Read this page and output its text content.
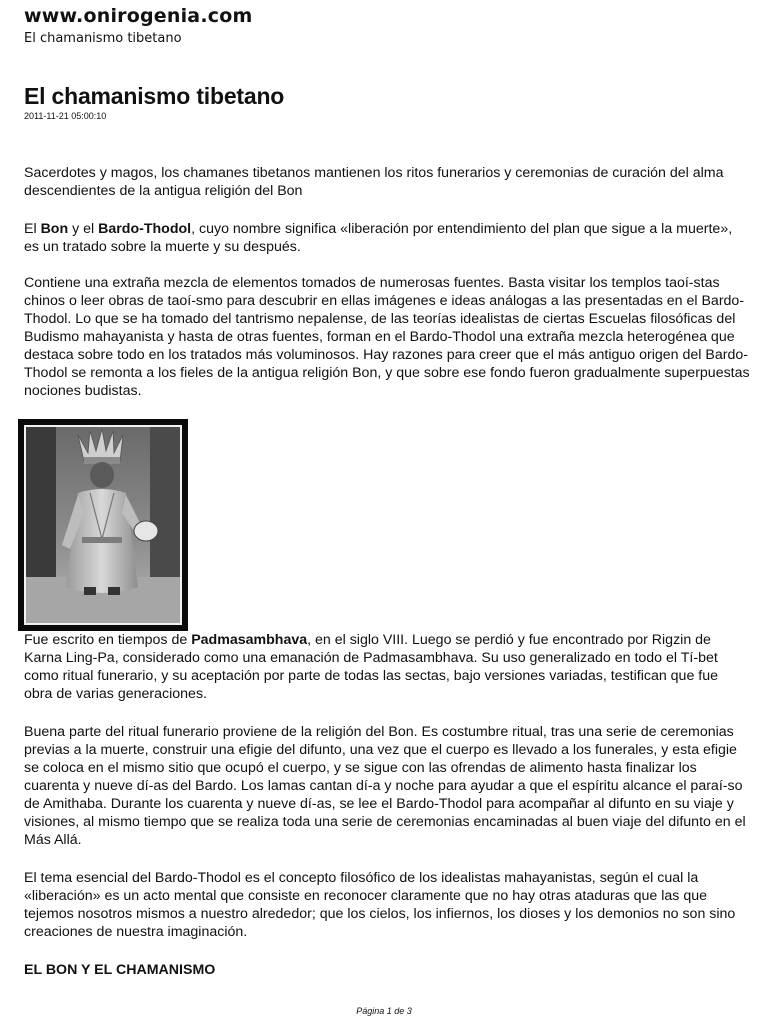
www.onirogenia.com
El chamanismo tibetano
El chamanismo tibetano
2011-11-21 05:00:10

Sacerdotes y magos, los chamanes tibetanos mantienen los ritos funerarios y ceremonias de curación del alma descendientes de la antigua religión del Bon

El Bon y el Bardo-Thodol, cuyo nombre significa «liberación por entendimiento del plan que sigue a la muerte», es un tratado sobre la muerte y su después.

Contiene una extraña mezcla de elementos tomados de numerosas fuentes. Basta visitar los templos taoí-stas chinos o leer obras de taoí-smo para descubrir en ellas imágenes e ideas análogas a las presentadas en el Bardo-Thodol. Lo que se ha tomado del tantrismo nepalense, de las teorías idealistas de ciertas Escuelas filosóficas del Budismo mahayanista y hasta de otras fuentes, forman en el Bardo-Thodol una extraña mezcla heterogénea que destaca sobre todo en los tratados más voluminosos. Hay razones para creer que el más antiguo origen del Bardo-Thodol se remonta a los fieles de la antigua religión Bon, y que sobre ese fondo fueron gradualmente superpuestas nociones budistas.

Fue escrito en tiempos de Padmasambhava, en el siglo VIII. Luego se perdió y fue encontrado por Rigzin de Karna Ling-Pa, considerado como una emanación de Padmasambhava. Su uso generalizado en todo el Tí-bet como ritual funerario, y su aceptación por parte de todas las sectas, bajo versiones variadas, testifican que fue obra de varias generaciones.

Buena parte del ritual funerario proviene de la religión del Bon. Es costumbre ritual, tras una serie de ceremonias previas a la muerte, construir una efigie del difunto, una vez que el cuerpo es llevado a los funerales, y esta efigie se coloca en el mismo sitio que ocupó el cuerpo, y se sigue con las ofrendas de alimento hasta finalizar los cuarenta y nueve dí-as del Bardo. Los lamas cantan dí-a y noche para ayudar a que el espíritu alcance el paraí-so de Amithaba. Durante los cuarenta y nueve dí-as, se lee el Bardo-Thodol para acompañar al difunto en su viaje y visiones, al mismo tiempo que se realiza toda una serie de ceremonias encaminadas al buen viaje del difunto en el Más Allá.

El tema esencial del Bardo-Thodol es el concepto filosófico de los idealistas mahayanistas, según el cual la «liberación» es un acto mental que consiste en reconocer claramente que no hay otras ataduras que las que tejemos nosotros mismos a nuestro alrededor; que los cielos, los infiernos, los dioses y los demonios no son sino creaciones de nuestra imaginación.

EL BON Y EL CHAMANISMO
Página 1 de 3
